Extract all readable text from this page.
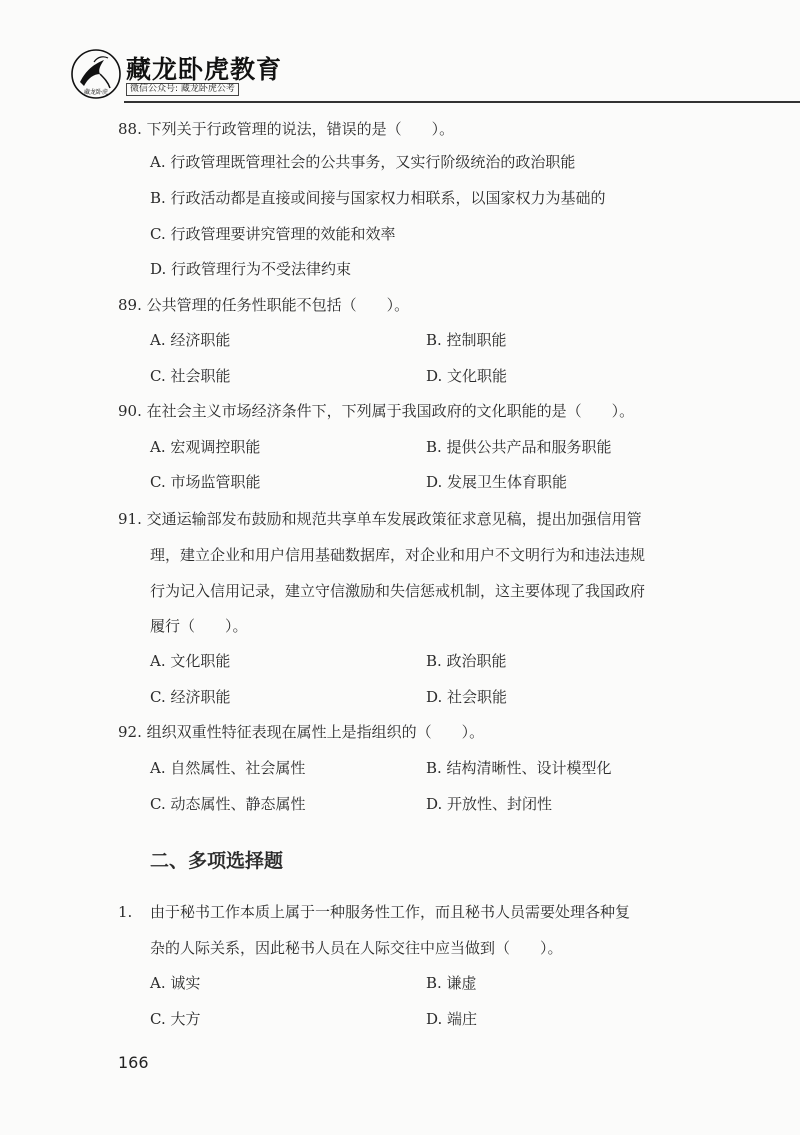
藏龙卧虎
藏龙卧虎教育
微信公众号: 藏龙卧虎公考
88. 下列关于行政管理的说法，错误的是（　　）。
A. 行政管理既管理社会的公共事务，又实行阶级统治的政治职能
B. 行政活动都是直接或间接与国家权力相联系，以国家权力为基础的
C. 行政管理要讲究管理的效能和效率
D. 行政管理行为不受法律约束
89. 公共管理的任务性职能不包括（　　）。
A. 经济职能	B. 控制职能
C. 社会职能	D. 文化职能
90. 在社会主义市场经济条件下，下列属于我国政府的文化职能的是（　　）。
A. 宏观调控职能	B. 提供公共产品和服务职能
C. 市场监管职能	D. 发展卫生体育职能
91. 交通运输部发布鼓励和规范共享单车发展政策征求意见稿，提出加强信用管
理，建立企业和用户信用基础数据库，对企业和用户不文明行为和违法违规
行为记入信用记录，建立守信激励和失信惩戒机制，这主要体现了我国政府
履行（　　）。
A. 文化职能	B. 政治职能
C. 经济职能	D. 社会职能
92. 组织双重性特征表现在属性上是指组织的（　　）。
A. 自然属性、社会属性	B. 结构清晰性、设计模型化
C. 动态属性、静态属性	D. 开放性、封闭性
二、多项选择题
1. 由于秘书工作本质上属于一种服务性工作，而且秘书人员需要处理各种复
杂的人际关系，因此秘书人员在人际交往中应当做到（　　）。
A. 诚实	B. 谦虚
C. 大方	D. 端庄
166
